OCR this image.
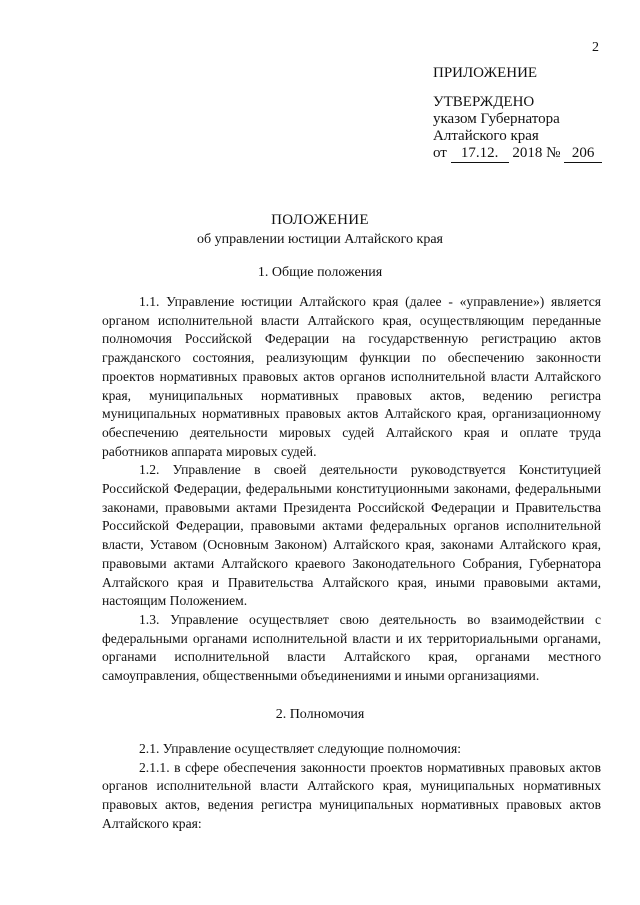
2
ПРИЛОЖЕНИЕ
УТВЕРЖДЕНО
указом Губернатора
Алтайского края
от 17.12. 2018 № 206
ПОЛОЖЕНИЕ
об управлении юстиции Алтайского края
1. Общие положения

1.1. Управление юстиции Алтайского края (далее - «управление») является органом исполнительной власти Алтайского края, осуществляющим переданные полномочия Российской Федерации на государственную регистрацию актов гражданского состояния, реализующим функции по обеспечению законности проектов нормативных правовых актов органов исполнительной власти Алтайского края, муниципальных нормативных правовых актов, ведению регистра муниципальных нормативных правовых актов Алтайского края, организационному обеспечению деятельности мировых судей Алтайского края и оплате труда работников аппарата мировых судей.

1.2. Управление в своей деятельности руководствуется Конституцией Российской Федерации, федеральными конституционными законами, федеральными законами, правовыми актами Президента Российской Федерации и Правительства Российской Федерации, правовыми актами федеральных органов исполнительной власти, Уставом (Основным Законом) Алтайского края, законами Алтайского края, правовыми актами Алтайского краевого Законодательного Собрания, Губернатора Алтайского края и Правительства Алтайского края, иными правовыми актами, настоящим Положением.

1.3. Управление осуществляет свою деятельность во взаимодействии с федеральными органами исполнительной власти и их территориальными органами, органами исполнительной власти Алтайского края, органами местного самоуправления, общественными объединениями и иными организациями.

2. Полномочия

2.1. Управление осуществляет следующие полномочия:

2.1.1. в сфере обеспечения законности проектов нормативных правовых актов органов исполнительной власти Алтайского края, муниципальных нормативных правовых актов, ведения регистра муниципальных нормативных правовых актов Алтайского края:
